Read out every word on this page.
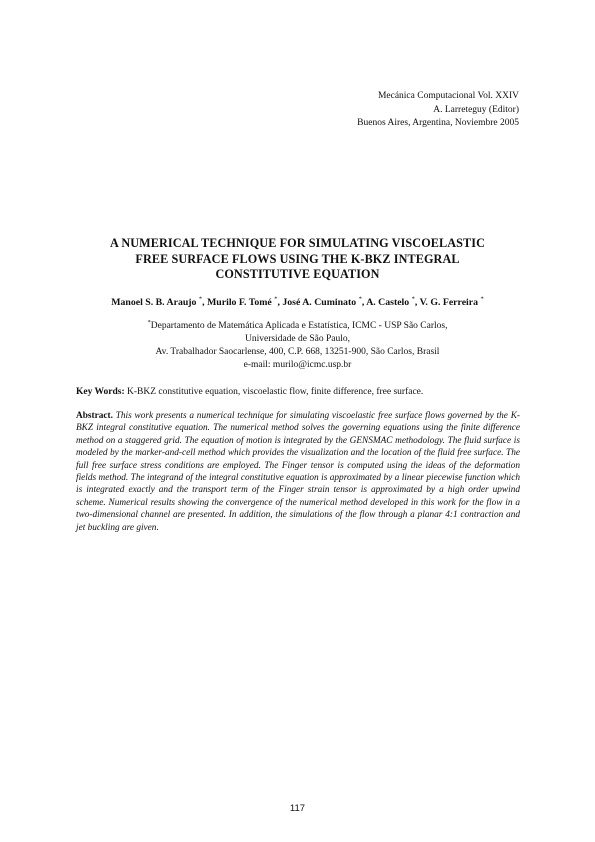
Mecánica Computacional Vol. XXIV
A. Larreteguy (Editor)
Buenos Aires, Argentina, Noviembre 2005
A NUMERICAL TECHNIQUE FOR SIMULATING VISCOELASTIC
FREE SURFACE FLOWS USING THE K-BKZ INTEGRAL
CONSTITUTIVE EQUATION
Manoel S. B. Araujo *, Murilo F. Tomé *, José A. Cuminato *, A. Castelo *, V. G. Ferreira *
*Departamento de Matemática Aplicada e Estatística, ICMC - USP São Carlos,
Universidade de São Paulo,
Av. Trabalhador Saocarlense, 400, C.P. 668, 13251-900, São Carlos, Brasil
e-mail: murilo@icmc.usp.br
Key Words: K-BKZ constitutive equation, viscoelastic flow, finite difference, free surface.
Abstract. This work presents a numerical technique for simulating viscoelastic free surface flows governed by the K-BKZ integral constitutive equation. The numerical method solves the governing equations using the finite difference method on a staggered grid. The equation of motion is integrated by the GENSMAC methodology. The fluid surface is modeled by the marker-and-cell method which provides the visualization and the location of the fluid free surface. The full free surface stress conditions are employed. The Finger tensor is computed using the ideas of the deformation fields method. The integrand of the integral constitutive equation is approximated by a linear piecewise function which is integrated exactly and the transport term of the Finger strain tensor is approximated by a high order upwind scheme. Numerical results showing the convergence of the numerical method developed in this work for the flow in a two-dimensional channel are presented. In addition, the simulations of the flow through a planar 4:1 contraction and jet buckling are given.
117
